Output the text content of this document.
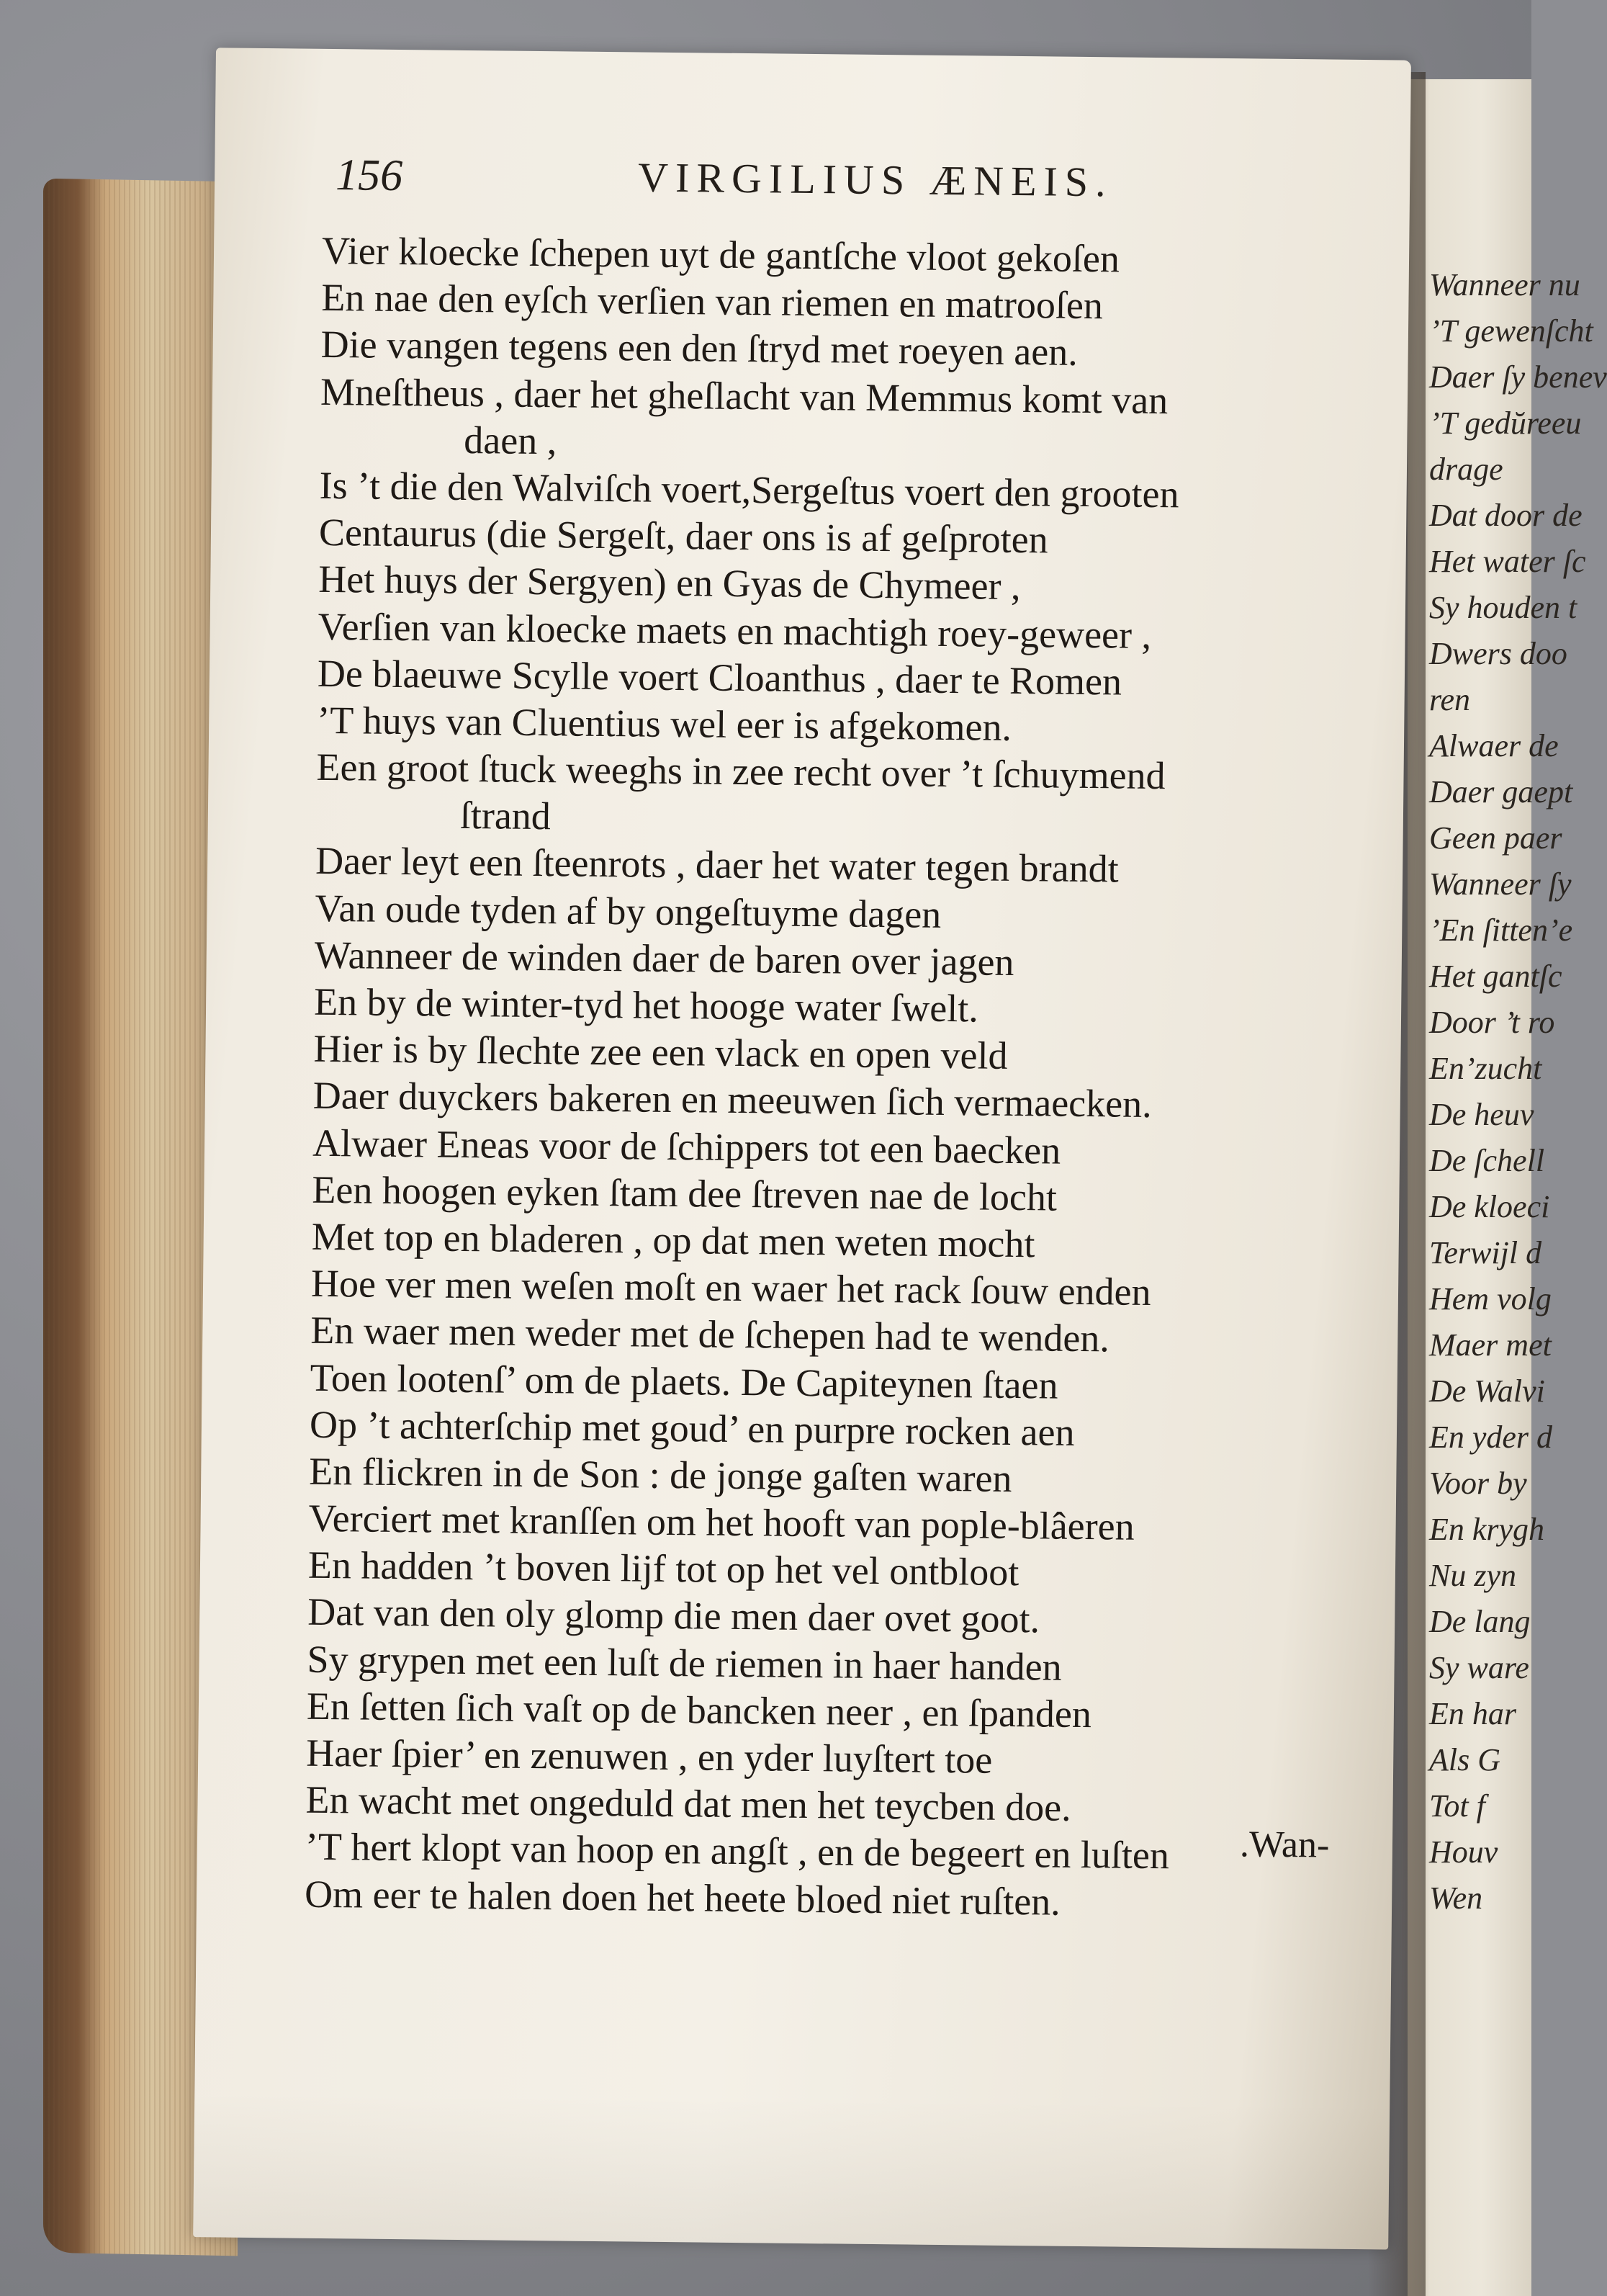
Wanneer nu
’T gewenſcht
Daer ſy benev
’T gedŭreeu
drage
Dat door de
Het water ſc
Sy houden t
Dwers doo
ren
Alwaer de
Daer gaept
Geen paer
Wanneer ſy
’En ſitten’e
Het gantſc
Door ’t ro
En’zucht
De heuv
De ſchell
De kloeci
Terwijl d
Hem volg
Maer met
De Walvi
En yder d
Voor by
En krygh
Nu zyn
De lang
Sy ware
En har
Als G
Tot f
Houv
Wen
156	VIRGILIUS ÆNEIS.
Vier kloecke ſchepen uyt de gantſche vloot gekoſen
En nae den eyſch verſien van riemen en matrooſen
Die vangen tegens een den ſtryd met roeyen aen.
Mneſtheus , daer het gheſlacht van Memmus komt van
daen ,
Is ’t die den Walviſch voert,Sergeſtus voert den grooten
Centaurus (die Sergeſt, daer ons is af geſproten
Het huys der Sergyen) en Gyas de Chymeer ,
Verſien van kloecke maets en machtigh roey-geweer ,
De blaeuwe Scylle voert Cloanthus , daer te Romen
’T huys van Cluentius wel eer is afgekomen.
Een groot ſtuck weeghs in zee recht over ’t ſchuymend
ſtrand
Daer leyt een ſteenrots , daer het water tegen brandt
Van oude tyden af by ongeſtuyme dagen
Wanneer de winden daer de baren over jagen
En by de winter-tyd het hooge water ſwelt.
Hier is by ſlechte zee een vlack en open veld
Daer duyckers bakeren en meeuwen ſich vermaecken.
Alwaer Eneas voor de ſchippers tot een baecken
Een hoogen eyken ſtam dee ſtreven nae de locht
Met top en bladeren , op dat men weten mocht
Hoe ver men weſen moſt en waer het rack ſouw enden
En waer men weder met de ſchepen had te wenden.
Toen lootenſ’ om de plaets. De Capiteynen ſtaen
Op ’t achterſchip met goud’ en purpre rocken aen
En flickren in de Son : de jonge gaſten waren
Verciert met kranſſen om het hooft van pople-blâeren
En hadden ’t boven lijf tot op het vel ontbloot
Dat van den oly glomp die men daer ovet goot.
Sy grypen met een luſt de riemen in haer handen
En ſetten ſich vaſt op de bancken neer , en ſpanden
Haer ſpier’ en zenuwen , en yder luyſtert toe
En wacht met ongeduld dat men het teycben doe.
’T hert klopt van hoop en angſt , en de begeert en luſten
Om eer te halen doen het heete bloed niet ruſten.
.Wan-
